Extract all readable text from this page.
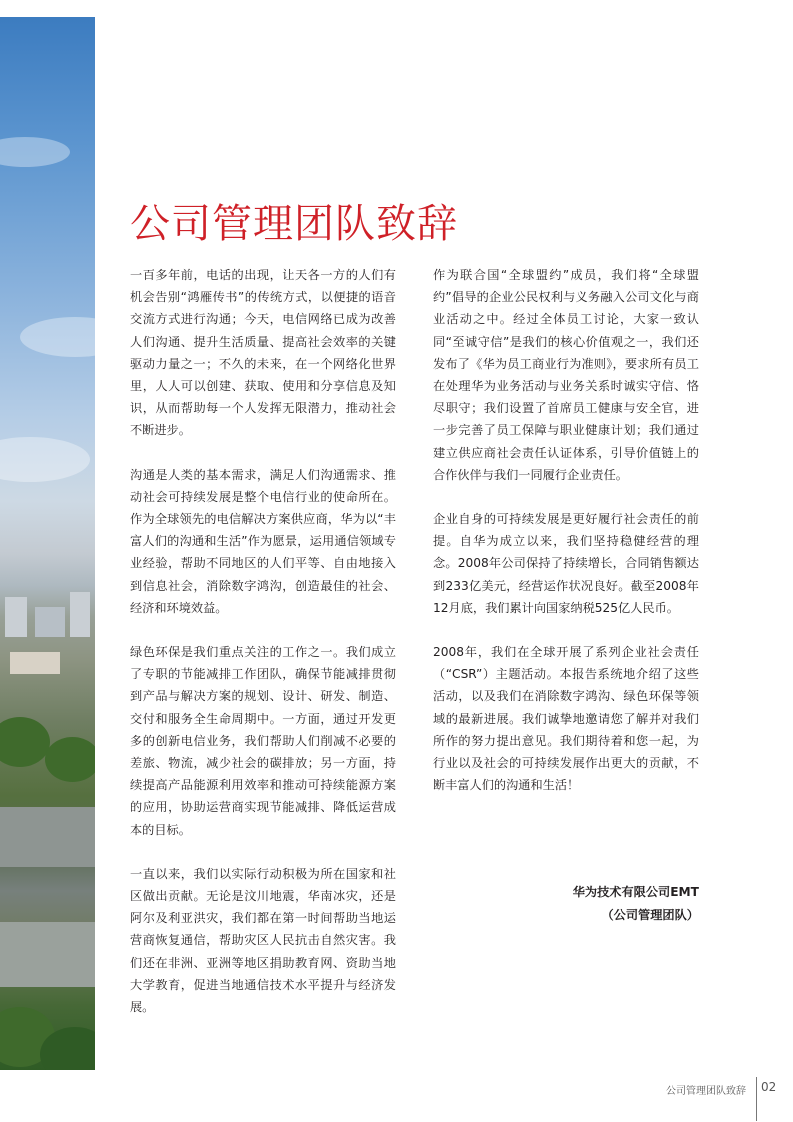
公司管理团队致辞

一百多年前，电话的出现，让天各一方的人们有机会告别“鸿雁传书”的传统方式，以便捷的语音交流方式进行沟通；今天，电信网络已成为改善人们沟通、提升生活质量、提高社会效率的关键驱动力量之一；不久的未来，在一个网络化世界里，人人可以创建、获取、使用和分享信息及知识，从而帮助每一个人发挥无限潜力，推动社会不断进步。

沟通是人类的基本需求，满足人们沟通需求、推动社会可持续发展是整个电信行业的使命所在。作为全球领先的电信解决方案供应商，华为以“丰富人们的沟通和生活”作为愿景，运用通信领域专业经验，帮助不同地区的人们平等、自由地接入到信息社会，消除数字鸿沟，创造最佳的社会、经济和环境效益。

绿色环保是我们重点关注的工作之一。我们成立了专职的节能减排工作团队，确保节能减排贯彻到产品与解决方案的规划、设计、研发、制造、交付和服务全生命周期中。一方面，通过开发更多的创新电信业务，我们帮助人们削减不必要的差旅、物流，减少社会的碳排放；另一方面，持续提高产品能源利用效率和推动可持续能源方案的应用，协助运营商实现节能减排、降低运营成本的目标。

一直以来，我们以实际行动积极为所在国家和社区做出贡献。无论是汶川地震，华南冰灾，还是阿尔及利亚洪灾，我们都在第一时间帮助当地运营商恢复通信，帮助灾区人民抗击自然灾害。我们还在非洲、亚洲等地区捐助教育网、资助当地大学教育，促进当地通信技术水平提升与经济发展。

作为联合国“全球盟约”成员，我们将“全球盟约”倡导的企业公民权利与义务融入公司文化与商业活动之中。经过全体员工讨论，大家一致认同“至诚守信”是我们的核心价值观之一，我们还发布了《华为员工商业行为准则》，要求所有员工在处理华为业务活动与业务关系时诚实守信、恪尽职守；我们设置了首席员工健康与安全官，进一步完善了员工保障与职业健康计划；我们通过建立供应商社会责任认证体系，引导价值链上的合作伙伴与我们一同履行企业责任。

企业自身的可持续发展是更好履行社会责任的前提。自华为成立以来，我们坚持稳健经营的理念。2008年公司保持了持续增长，合同销售额达到233亿美元，经营运作状况良好。截至2008年12月底，我们累计向国家纳税525亿人民币。

2008年，我们在全球开展了系列企业社会责任（“CSR”）主题活动。本报告系统地介绍了这些活动，以及我们在消除数字鸿沟、绿色环保等领域的最新进展。我们诚挚地邀请您了解并对我们所作的努力提出意见。我们期待着和您一起，为行业以及社会的可持续发展作出更大的贡献，不断丰富人们的沟通和生活！

华为技术有限公司EMT
（公司管理团队）
公司管理团队致辞 02
